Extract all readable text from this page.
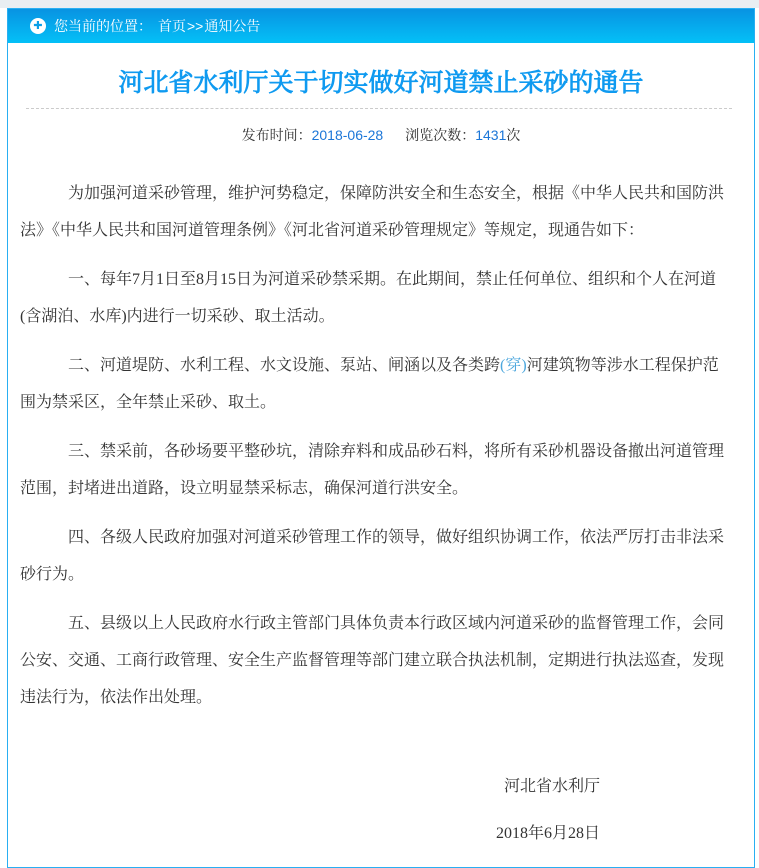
✚ 您当前的位置： 首页 >> 通知公告
河北省水利厅关于切实做好河道禁止采砂的通告
发布时间：2018-06-28 浏览次数：1431次

为加强河道采砂管理，维护河势稳定，保障防洪安全和生态安全，根据《中华人民共和国防洪法》《中华人民共和国河道管理条例》《河北省河道采砂管理规定》等规定，现通告如下：

一、每年7月1日至8月15日为河道采砂禁采期。在此期间，禁止任何单位、组织和个人在河道(含湖泊、水库)内进行一切采砂、取土活动。

二、河道堤防、水利工程、水文设施、泵站、闸涵以及各类跨(穿)河建筑物等涉水工程保护范围为禁采区，全年禁止采砂、取土。

三、禁采前，各砂场要平整砂坑，清除弃料和成品砂石料，将所有采砂机器设备撤出河道管理范围，封堵进出道路，设立明显禁采标志，确保河道行洪安全。

四、各级人民政府加强对河道采砂管理工作的领导，做好组织协调工作，依法严厉打击非法采砂行为。

五、县级以上人民政府水行政主管部门具体负责本行政区域内河道采砂的监督管理工作，会同公安、交通、工商行政管理、安全生产监督管理等部门建立联合执法机制，定期进行执法巡查，发现违法行为，依法作出处理。

河北省水利厅

2018年6月28日
